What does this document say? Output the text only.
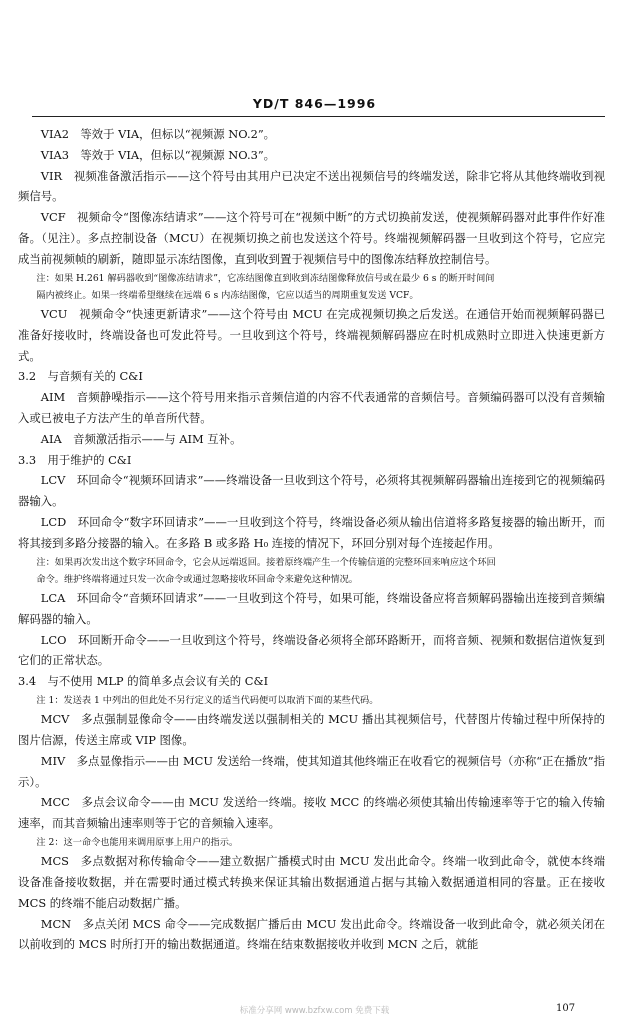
YD/T 846—1996

VIA2　等效于 VIA，但标以“视频源 NO.2”。

VIA3　等效于 VIA，但标以“视频源 NO.3”。

VIR　视频准备激活指示——这个符号由其用户已决定不送出视频信号的终端发送，除非它将从其他终端收到视频信号。

VCF　视频命令“图像冻结请求”——这个符号可在“视频中断”的方式切换前发送，使视频解码器对此事件作好准备。（见注）。多点控制设备（MCU）在视频切换之前也发送这个符号。终端视频解码器一旦收到这个符号，它应完成当前视频帧的刷新，随即显示冻结图像，直到收到置于视频信号中的图像冻结释放控制信号。

注：如果 H.261 解码器收到“图像冻结请求”，它冻结图像直到收到冻结图像释放信号或在最少 6 s 的断开时间间

隔内被终止。如果一终端希望继续在远端 6 s 内冻结图像，它应以适当的周期重复发送 VCF。

VCU　视频命令“快速更新请求”——这个符号由 MCU 在完成视频切换之后发送。在通信开始而视频解码器已准备好接收时，终端设备也可发此符号。一旦收到这个符号，终端视频解码器应在时机成熟时立即进入快速更新方式。

3.2　与音频有关的 C&I

AIM　音频静噪指示——这个符号用来指示音频信道的内容不代表通常的音频信号。音频编码器可以没有音频输入或已被电子方法产生的单音所代替。

AIA　音频激活指示——与 AIM 互补。

3.3　用于维护的 C&I

LCV　环回命令“视频环回请求”——终端设备一旦收到这个符号，必须将其视频解码器输出连接到它的视频编码器输入。

LCD　环回命令“数字环回请求”——一旦收到这个符号，终端设备必须从输出信道将多路复接器的输出断开，而将其接到多路分接器的输入。在多路 B 或多路 H₀ 连接的情况下，环回分别对每个连接起作用。

注：如果再次发出这个数字环回命令，它会从远端返回。接着原终端产生一个传输信道的完整环回来响应这个环回

命令。维护终端将通过只发一次命令或通过忽略接收环回命令来避免这种情况。

LCA　环回命令“音频环回请求”——一旦收到这个符号，如果可能，终端设备应将音频解码器输出连接到音频编解码器的输入。

LCO　环回断开命令——一旦收到这个符号，终端设备必须将全部环路断开，而将音频、视频和数据信道恢复到它们的正常状态。

3.4　与不使用 MLP 的简单多点会议有关的 C&I

注 1：发送表 1 中列出的但此处不另行定义的适当代码便可以取消下面的某些代码。

MCV　多点强制显像命令——由终端发送以强制相关的 MCU 播出其视频信号，代替图片传输过程中所保持的图片信源，传送主席或 VIP 图像。

MIV　多点显像指示——由 MCU 发送给一终端，使其知道其他终端正在收看它的视频信号（亦称“正在播放”指示）。

MCC　多点会议命令——由 MCU 发送给一终端。接收 MCC 的终端必须使其输出传输速率等于它的输入传输速率，而其音频输出速率则等于它的音频输入速率。

注 2：这一命令也能用来调用原事上用户的指示。

MCS　多点数据对称传输命令——建立数据广播模式时由 MCU 发出此命令。终端一收到此命令，就使本终端设备准备接收数据，并在需要时通过模式转换来保证其输出数据通道占据与其输入数据通道相同的容量。正在接收 MCS 的终端不能启动数据广播。

MCN　多点关闭 MCS 命令——完成数据广播后由 MCU 发出此命令。终端设备一收到此命令，就必须关闭在以前收到的 MCS 时所打开的输出数据通道。终端在结束数据接收并收到 MCN 之后，就能

标准分享网 www.bzfxw.com 免费下载	107
